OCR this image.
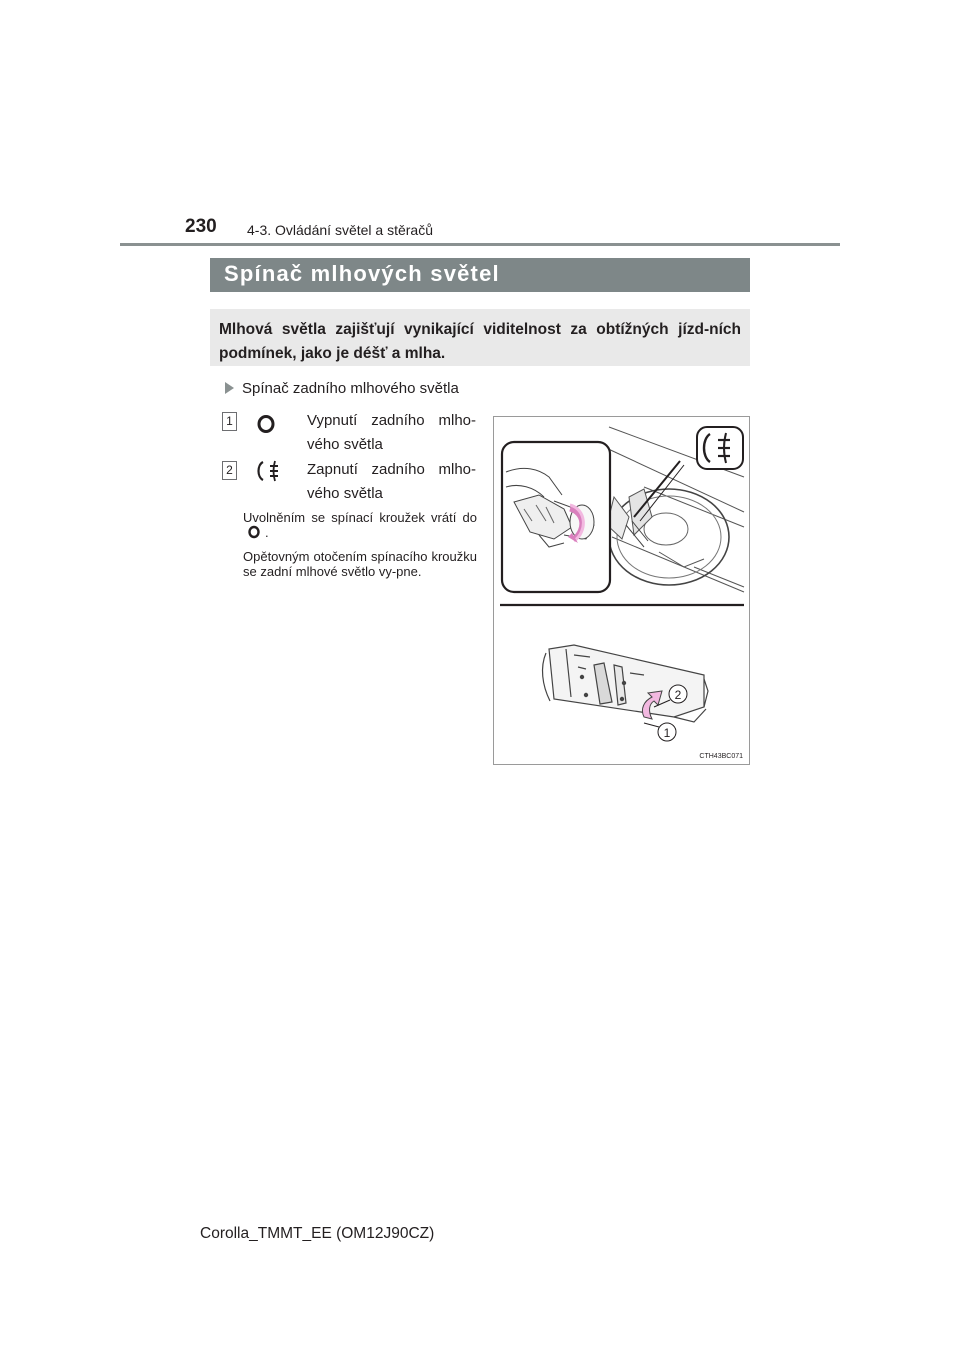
230 4-3. Ovládání světel a stěračů
Spínač mlhových světel
Mlhová světla zajišťují vynikající viditelnost za obtížných jízd-ních podmínek, jako je déšť a mlha.
Spínač zadního mlhového světla
1	Vypnutí zadního mlho-vého světla
2	Zapnutí zadního mlho-vého světla
Uvolněním se spínací kroužek vrátí do.
Opětovným otočením spínacího kroužku se zadní mlhové světlo vy-pne.
2
1
CTH43BC071
Corolla_TMMT_EE (OM12J90CZ)
